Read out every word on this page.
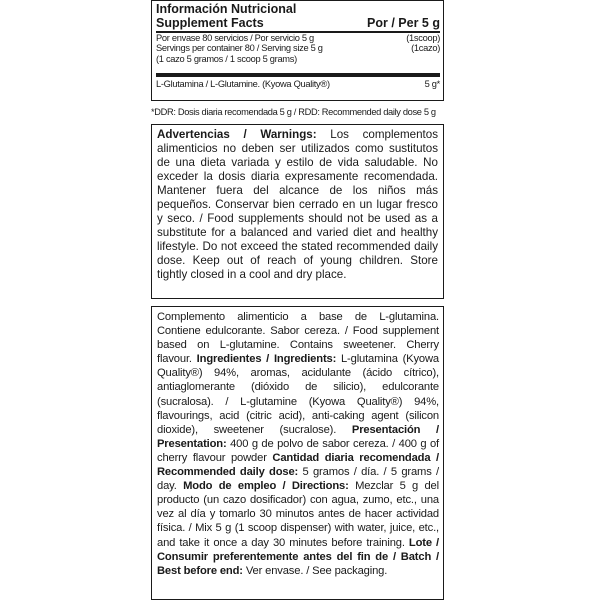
Información Nutricional
Supplement Facts	Por / Per 5 g
Por envase 80 servicios / Por servicio 5 g	(1scoop)
Servings per container 80 / Serving size 5 g	(1cazo)
(1 cazo 5 gramos / 1 scoop 5 grams)
L-Glutamina / L-Glutamine. (Kyowa Quality®)	5 g*
*DDR: Dosis diaria recomendada 5 g / RDD: Recommended daily dose 5 g
Advertencias / Warnings: Los complementos alimenticios no deben ser utilizados como sustitutos de una dieta variada y estilo de vida saludable. No exceder la dosis diaria expresamente recomendada. Mantener fuera del alcance de los niños más pequeños. Conservar bien cerrado en un lugar fresco y seco. / Food supplements should not be used as a substitute for a balanced and varied diet and healthy lifestyle. Do not exceed the stated recommended daily dose. Keep out of reach of young children. Store tightly closed in a cool and dry place.
Complemento alimenticio a base de L-glutamina. Contiene edulcorante. Sabor cereza. / Food supplement based on L-glutamine. Contains sweetener. Cherry flavour. Ingredientes / Ingredients: L-glutamina (Kyowa Quality®) 94%, aromas, acidulante (ácido cítrico), antiaglomerante (dióxido de silicio), edulcorante (sucralosa). / L-glutamine (Kyowa Quality®) 94%, flavourings, acid (citric acid), anti-caking agent (silicon dioxide), sweetener (sucralose). Presentación / Presentation: 400 g de polvo de sabor cereza. / 400 g of cherry flavour powder Cantidad diaria recomendada / Recommended daily dose: 5 gramos / día. / 5 grams / day. Modo de empleo / Directions: Mezclar 5 g del producto (un cazo dosificador) con agua, zumo, etc., una vez al día y tomarlo 30 minutos antes de hacer actividad física. / Mix 5 g (1 scoop dispenser) with water, juice, etc., and take it once a day 30 minutes before training. Lote / Consumir preferentemente antes del fin de / Batch / Best before end: Ver envase. / See packaging.
